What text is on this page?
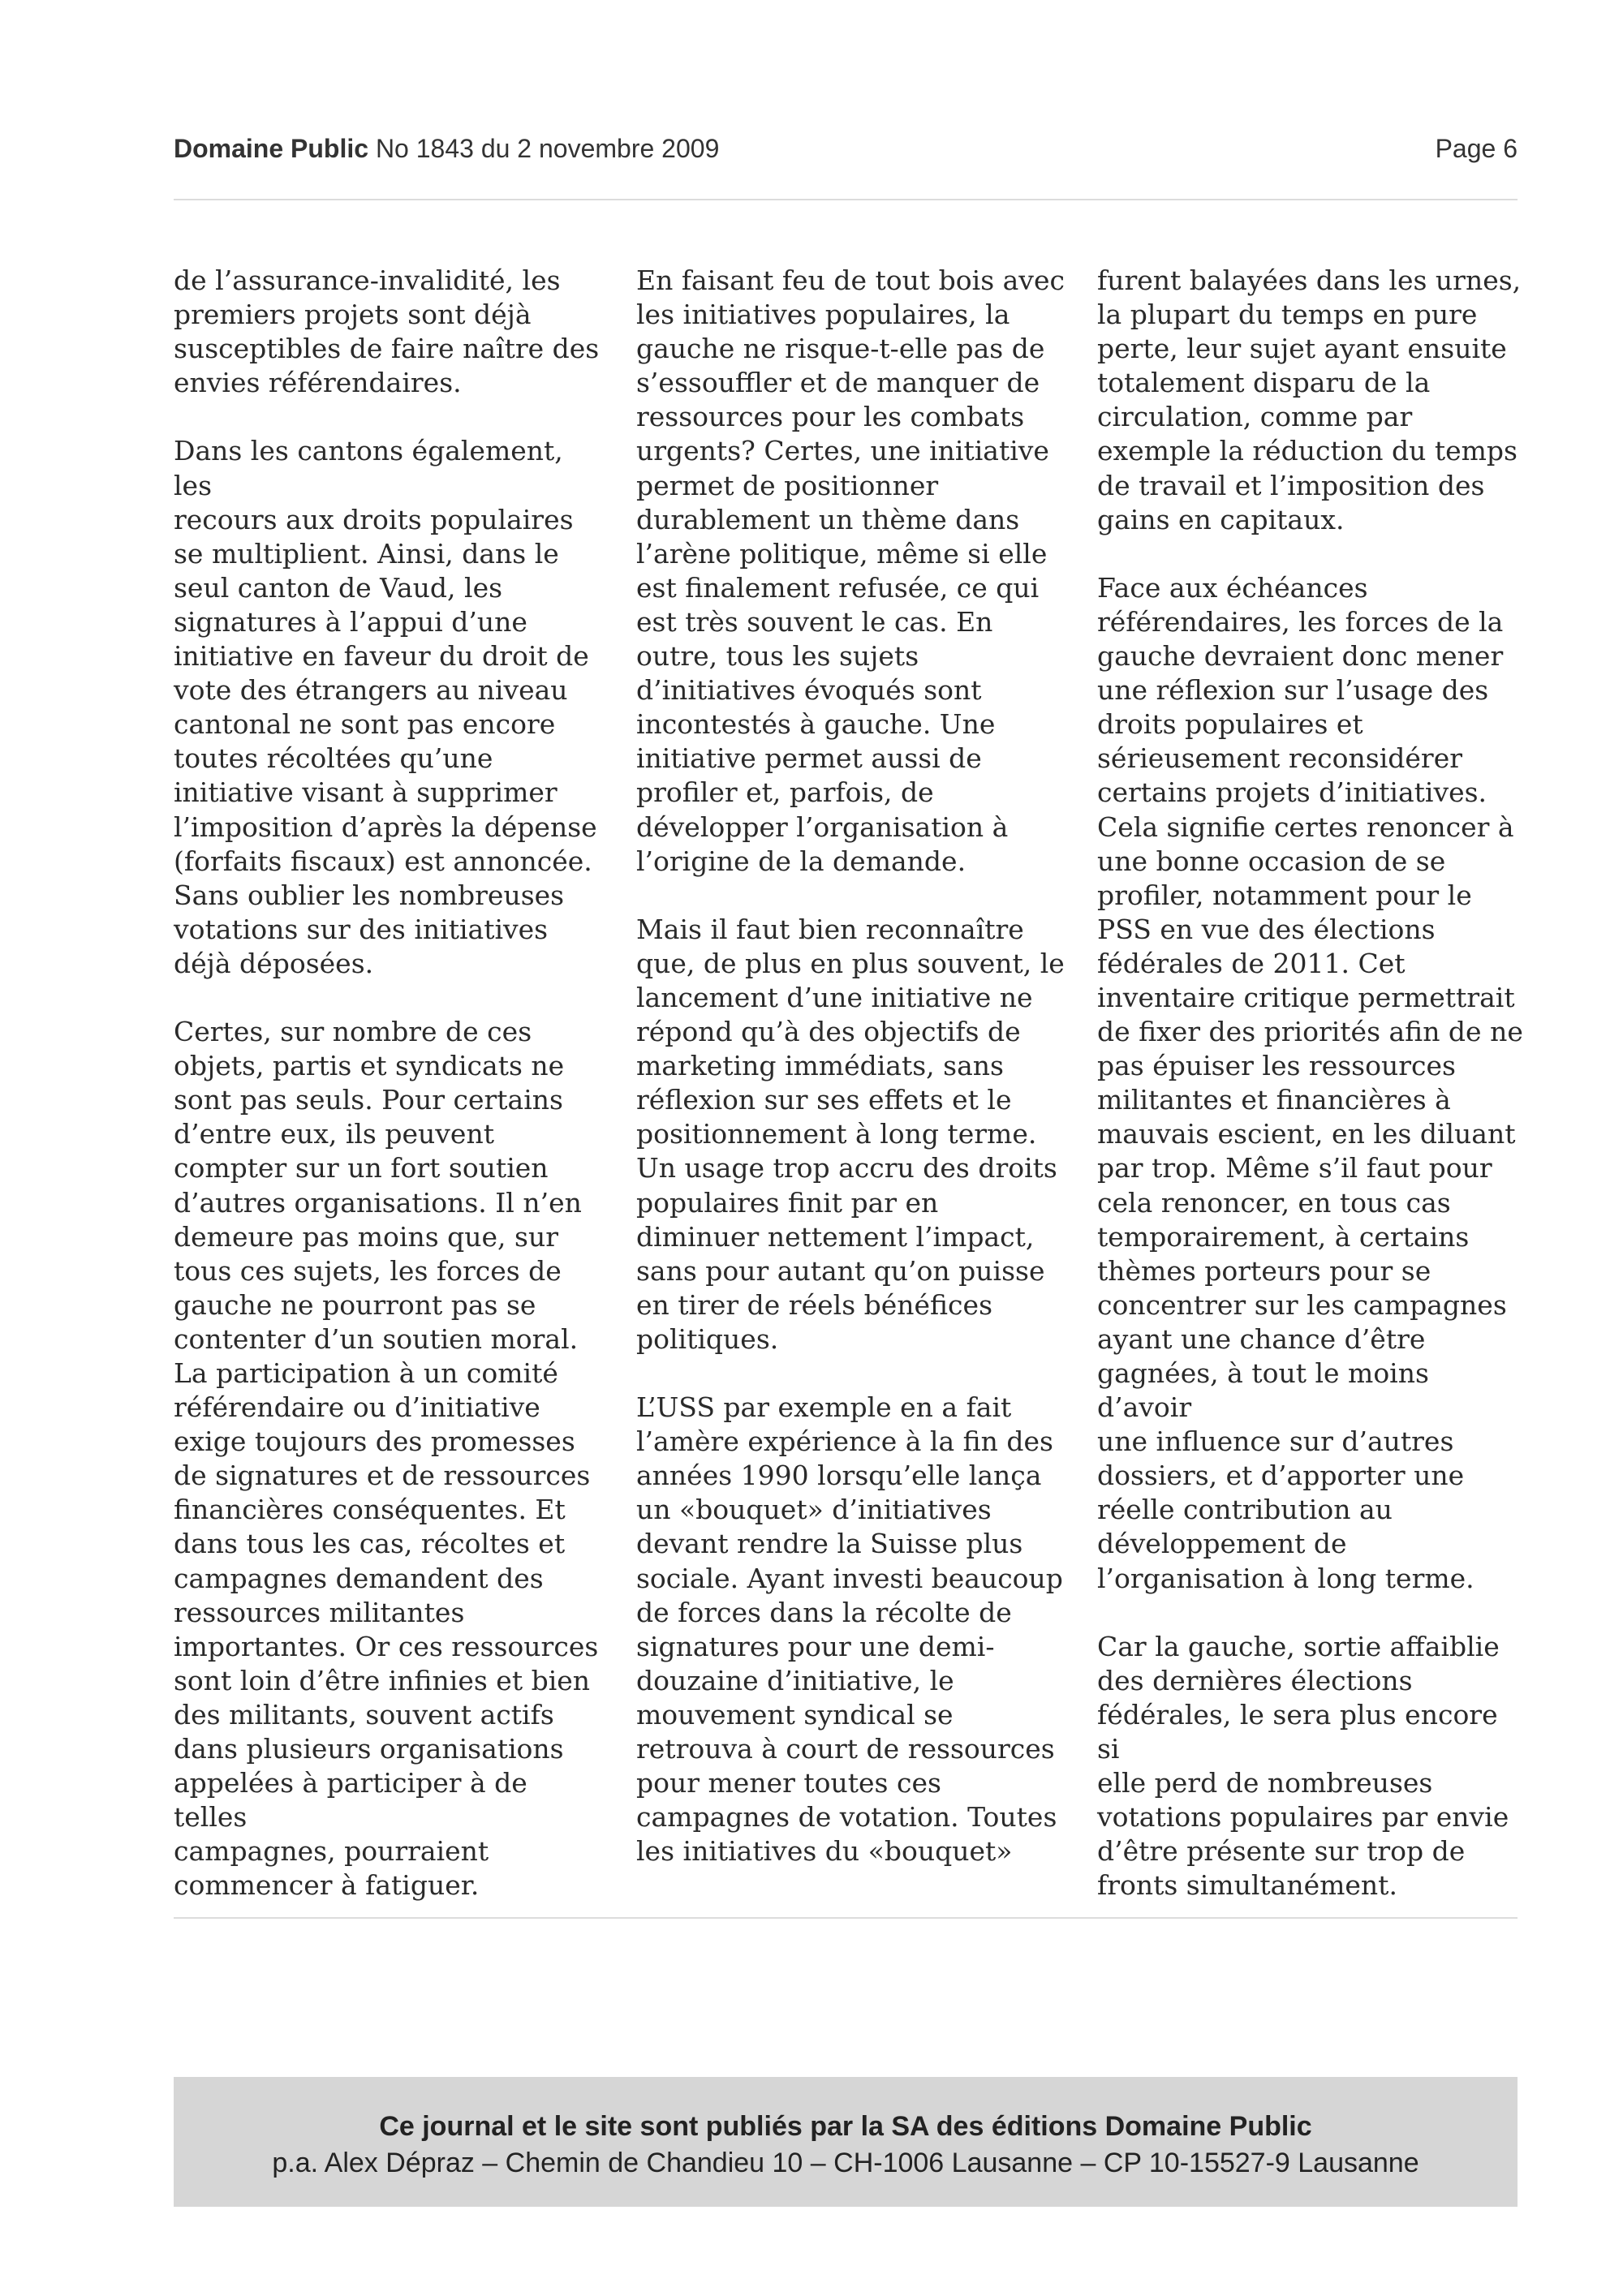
Domaine Public No 1843 du 2 novembre 2009	Page 6

de l’assurance-invalidité, les
premiers projets sont déjà
susceptibles de faire naître des
envies référendaires.

Dans les cantons également, les
recours aux droits populaires
se multiplient. Ainsi, dans le
seul canton de Vaud, les
signatures à l’appui d’une
initiative en faveur du droit de
vote des étrangers au niveau
cantonal ne sont pas encore
toutes récoltées qu’une
initiative visant à supprimer
l’imposition d’après la dépense
(forfaits fiscaux) est annoncée.
Sans oublier les nombreuses
votations sur des initiatives
déjà déposées.

Certes, sur nombre de ces
objets, partis et syndicats ne
sont pas seuls. Pour certains
d’entre eux, ils peuvent
compter sur un fort soutien
d’autres organisations. Il n’en
demeure pas moins que, sur
tous ces sujets, les forces de
gauche ne pourront pas se
contenter d’un soutien moral.
La participation à un comité
référendaire ou d’initiative
exige toujours des promesses
de signatures et de ressources
financières conséquentes. Et
dans tous les cas, récoltes et
campagnes demandent des
ressources militantes
importantes. Or ces ressources
sont loin d’être infinies et bien
des militants, souvent actifs
dans plusieurs organisations
appelées à participer à de telles
campagnes, pourraient
commencer à fatiguer.

En faisant feu de tout bois avec
les initiatives populaires, la
gauche ne risque-t-elle pas de
s’essouffler et de manquer de
ressources pour les combats
urgents? Certes, une initiative
permet de positionner
durablement un thème dans
l’arène politique, même si elle
est finalement refusée, ce qui
est très souvent le cas. En
outre, tous les sujets
d’initiatives évoqués sont
incontestés à gauche. Une
initiative permet aussi de
profiler et, parfois, de
développer l’organisation à
l’origine de la demande.

Mais il faut bien reconnaître
que, de plus en plus souvent, le
lancement d’une initiative ne
répond qu’à des objectifs de
marketing immédiats, sans
réflexion sur ses effets et le
positionnement à long terme.
Un usage trop accru des droits
populaires finit par en
diminuer nettement l’impact,
sans pour autant qu’on puisse
en tirer de réels bénéfices
politiques.

L’USS par exemple en a fait
l’amère expérience à la fin des
années 1990 lorsqu’elle lança
un «bouquet» d’initiatives
devant rendre la Suisse plus
sociale. Ayant investi beaucoup
de forces dans la récolte de
signatures pour une demi-
douzaine d’initiative, le
mouvement syndical se
retrouva à court de ressources
pour mener toutes ces
campagnes de votation. Toutes
les initiatives du «bouquet»

furent balayées dans les urnes,
la plupart du temps en pure
perte, leur sujet ayant ensuite
totalement disparu de la
circulation, comme par
exemple la réduction du temps
de travail et l’imposition des
gains en capitaux.

Face aux échéances
référendaires, les forces de la
gauche devraient donc mener
une réflexion sur l’usage des
droits populaires et
sérieusement reconsidérer
certains projets d’initiatives.
Cela signifie certes renoncer à
une bonne occasion de se
profiler, notamment pour le
PSS en vue des élections
fédérales de 2011. Cet
inventaire critique permettrait
de fixer des priorités afin de ne
pas épuiser les ressources
militantes et financières à
mauvais escient, en les diluant
par trop. Même s’il faut pour
cela renoncer, en tous cas
temporairement, à certains
thèmes porteurs pour se
concentrer sur les campagnes
ayant une chance d’être
gagnées, à tout le moins d’avoir
une influence sur d’autres
dossiers, et d’apporter une
réelle contribution au
développement de
l’organisation à long terme.

Car la gauche, sortie affaiblie
des dernières élections
fédérales, le sera plus encore si
elle perd de nombreuses
votations populaires par envie
d’être présente sur trop de
fronts simultanément.

Ce journal et le site sont publiés par la SA des éditions Domaine Public
p.a. Alex Dépraz – Chemin de Chandieu 10 – CH-1006 Lausanne – CP 10-15527-9 Lausanne
